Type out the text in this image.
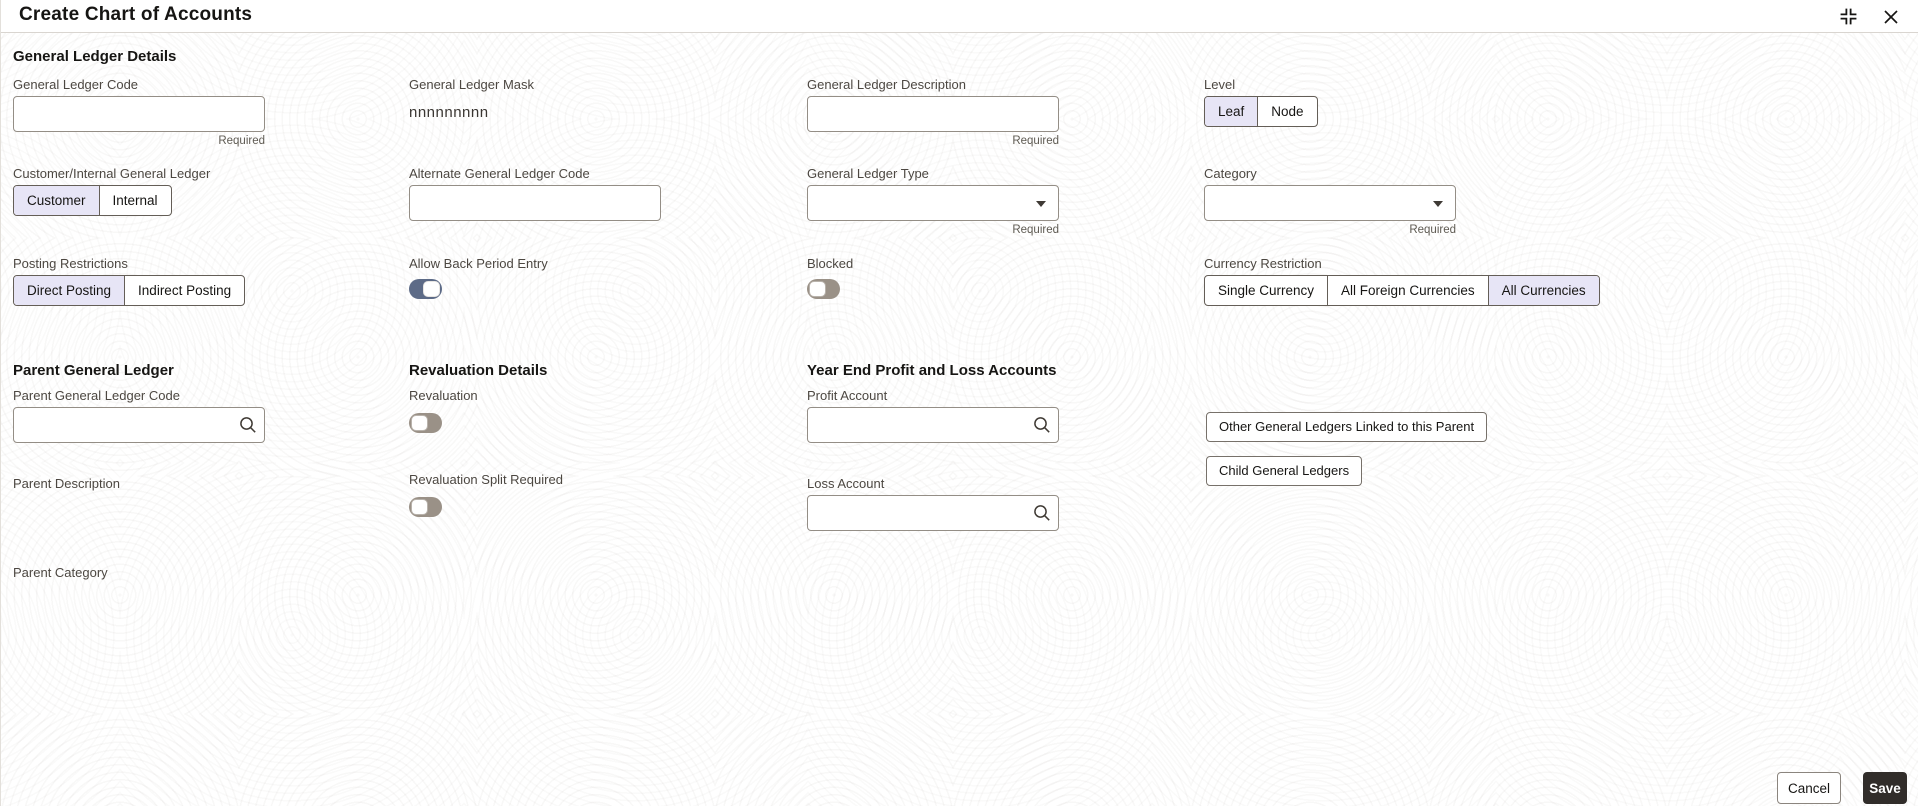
Create Chart of Accounts
General Ledger Details
General Ledger Code
Required
General Ledger Mask
nnnnnnnnn
General Ledger Description
Required
Level
Leaf	Node
Customer/Internal General Ledger
Customer	Internal
Alternate General Ledger Code	General Ledger Type
Required
Category
Required
Posting Restrictions
Direct Posting	Indirect Posting
Allow Back Period Entry	Blocked	Currency Restriction
Single Currency	All Foreign Currencies	All Currencies
Parent General Ledger	Revaluation Details	Year End Profit and Loss Accounts
Parent General Ledger Code
Parent Description
Parent Category
Revaluation
Revaluation Split Required
Profit Account
Loss Account
Other General Ledgers Linked to this Parent
Child General Ledgers
Cancel	Save
